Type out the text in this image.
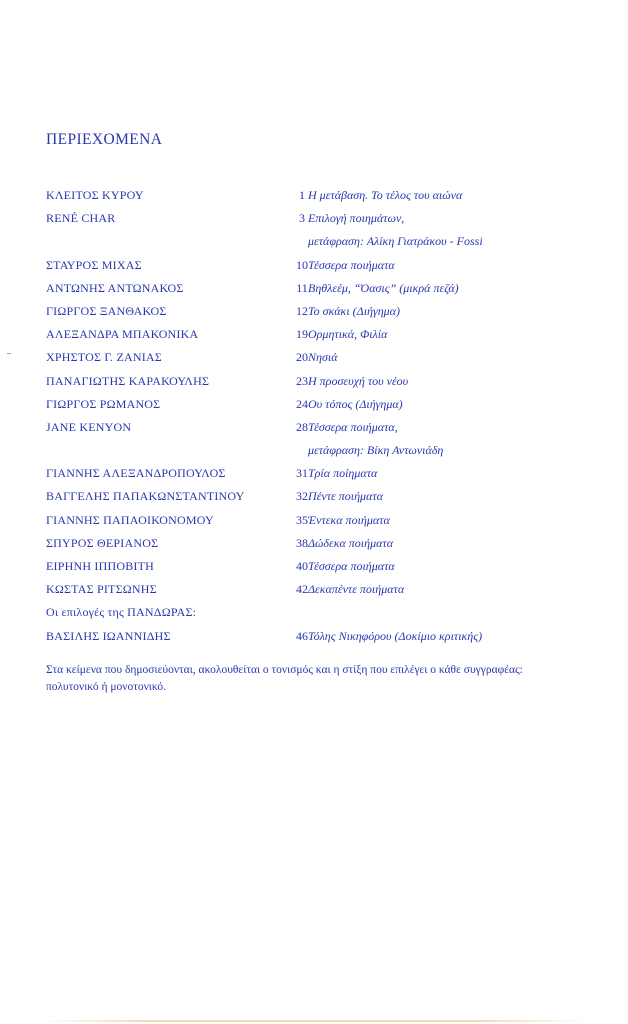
ΠΕΡΙΕΧΟΜΕΝΑ
ΚΛΕΙΤΟΣ ΚΥΡΟΥ	1 Η μετάβαση. Το τέλος του αιώνα
RENÉ CHAR	3 Επιλογή ποιημάτων,
μετάφραση: Αλίκη Γιατράκου - Fossi
ΣΤΑΥΡΟΣ ΜΙΧΑΣ	10 Τέσσερα ποιήματα
ΑΝΤΩΝΗΣ ΑΝΤΩΝΑΚΟΣ	11 Βηθλεέμ, “Όασις” (μικρά πεζά)
ΓΙΩΡΓΟΣ ΞΑΝΘΑΚΟΣ	12 Το σκάκι (Διήγημα)
ΑΛΕΞΑΝΔΡΑ ΜΠΑΚΟΝΙΚΑ	19 Ορμητικά, Φιλία
ΧΡΗΣΤΟΣ Γ. ΖΑΝΙΑΣ	20 Νησιά
ΠΑΝΑΓΙΩΤΗΣ ΚΑΡΑΚΟΥΛΗΣ	23 Η προσευχή του νέου
ΓΙΩΡΓΟΣ ΡΩΜΑΝΟΣ	24 Ου τόπος (Διήγημα)
JANE KENYON	28 Τέσσερα ποιήματα,
μετάφραση: Βίκη Αντωνιάδη
ΓΙΑΝΝΗΣ ΑΛΕΞΑΝΔΡΟΠΟΥΛΟΣ	31 Τρία ποίηματα
ΒΑΓΓΕΛΗΣ ΠΑΠΑΚΩΝΣΤΑΝΤΙΝΟΥ	32 Πέντε ποιήματα
ΓΙΑΝΝΗΣ ΠΑΠΑΟΙΚΟΝΟΜΟΥ	35 Έντεκα ποιήματα
ΣΠΥΡΟΣ ΘΕΡΙΑΝΟΣ	38 Δώδεκα ποιήματα
ΕΙΡΗΝΗ ΙΠΠΟΒΙΤΗ	40 Τέσσερα ποιήματα
ΚΩΣΤΑΣ ΡΙΤΣΩΝΗΣ	42 Δεκαπέντε ποιήματα
Οι επιλογές της ΠΑΝΔΩΡΑΣ:
ΒΑΣΙΛΗΣ ΙΩΑΝΝΙΔΗΣ	46 Τόλης Νικηφόρου (Δοκίμιο κριτικής)
Στα κείμενα που δημοσιεύονται, ακολουθείται ο τονισμός και η στίξη που επιλέγει ο κάθε συγγραφέας: πολυτονικό ή μονοτονικό.
